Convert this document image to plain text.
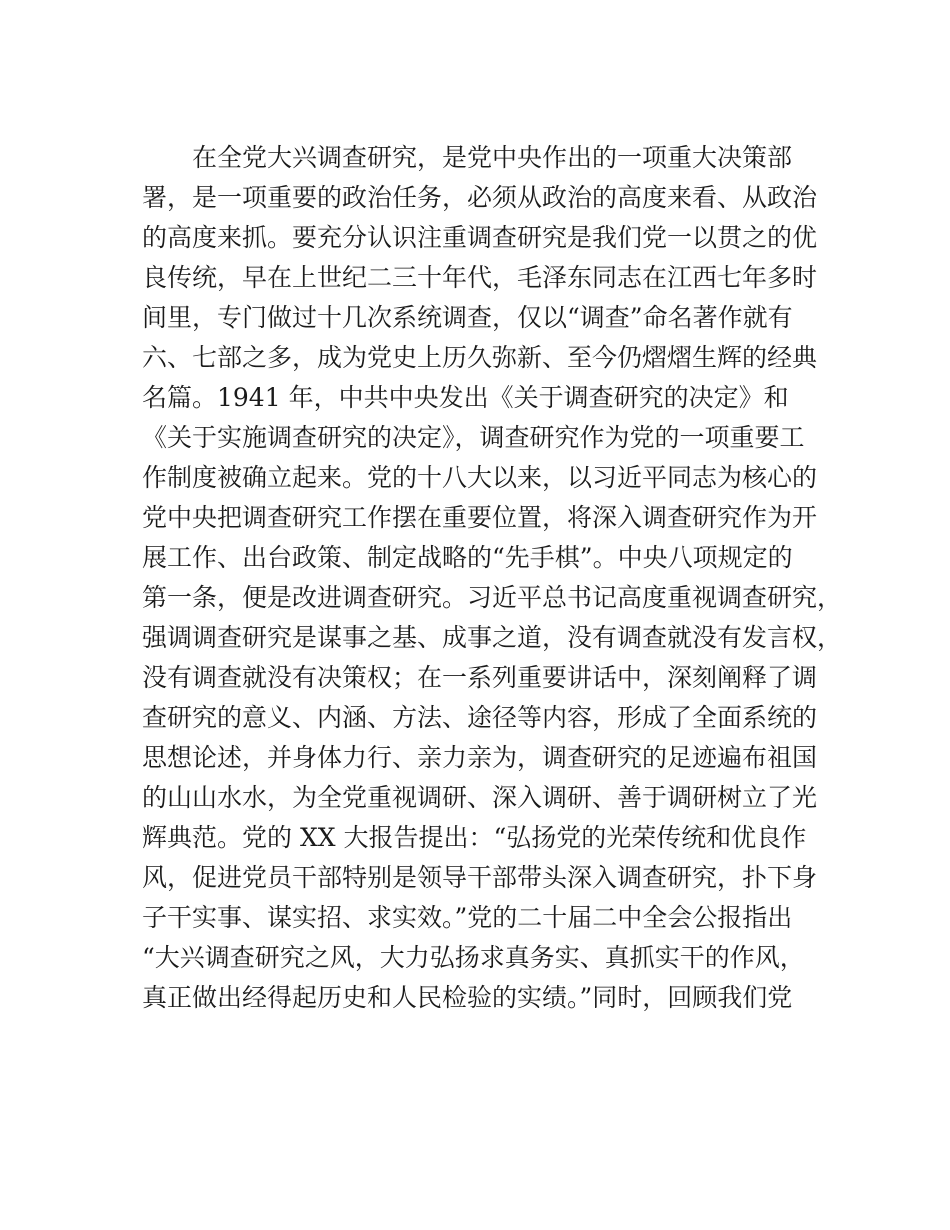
在全党大兴调查研究，是党中央作出的一项重大决策部
署，是一项重要的政治任务，必须从政治的高度来看、从政治
的高度来抓。要充分认识注重调查研究是我们党一以贯之的优
良传统，早在上世纪二三十年代，毛泽东同志在江西七年多时
间里，专门做过十几次系统调查，仅以“调查”命名著作就有
六、七部之多，成为党史上历久弥新、至今仍熠熠生辉的经典
名篇。1941 年，中共中央发出《关于调查研究的决定》和
《关于实施调查研究的决定》，调查研究作为党的一项重要工
作制度被确立起来。党的十八大以来，以习近平同志为核心的
党中央把调查研究工作摆在重要位置，将深入调查研究作为开
展工作、出台政策、制定战略的“先手棋”。中央八项规定的
第一条，便是改进调查研究。习近平总书记高度重视调查研究，
强调调查研究是谋事之基、成事之道，没有调查就没有发言权，
没有调查就没有决策权；在一系列重要讲话中，深刻阐释了调
查研究的意义、内涵、方法、途径等内容，形成了全面系统的
思想论述，并身体力行、亲力亲为，调查研究的足迹遍布祖国
的山山水水，为全党重视调研、深入调研、善于调研树立了光
辉典范。党的 XX 大报告提出：“弘扬党的光荣传统和优良作
风，促进党员干部特别是领导干部带头深入调查研究，扑下身
子干实事、谋实招、求实效。”党的二十届二中全会公报指出
“大兴调查研究之风，大力弘扬求真务实、真抓实干的作风，
真正做出经得起历史和人民检验的实绩。”同时，回顾我们党
